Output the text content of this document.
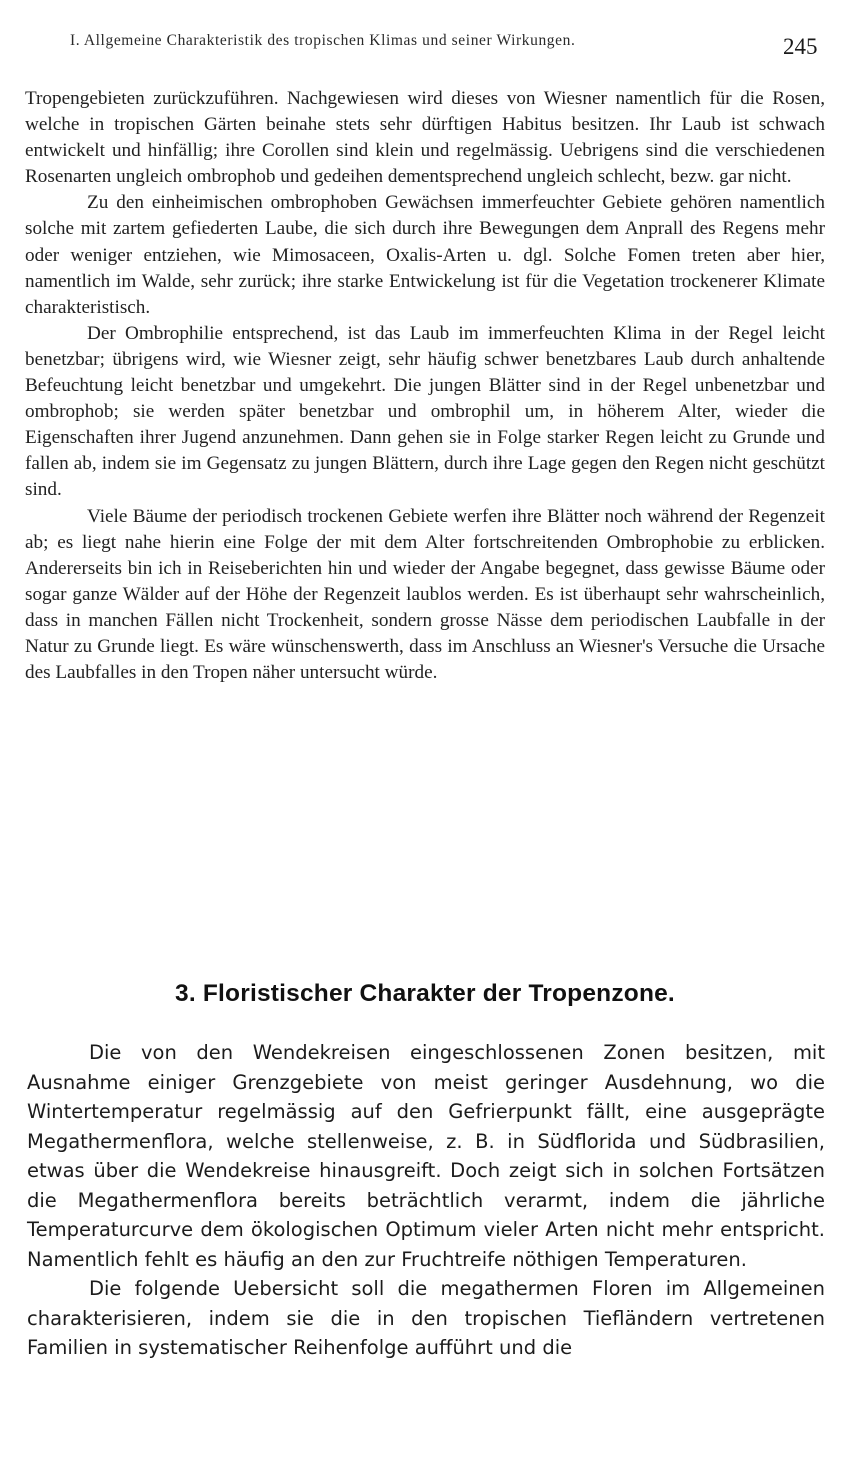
I. Allgemeine Charakteristik des tropischen Klimas und seiner Wirkungen.	245

Tropengebieten zurückzuführen. Nachgewiesen wird dieses von Wiesner namentlich für die Rosen, welche in tropischen Gärten beinahe stets sehr dürftigen Habitus besitzen. Ihr Laub ist schwach entwickelt und hinfällig; ihre Corollen sind klein und regelmässig. Uebrigens sind die verschiedenen Rosenarten ungleich ombrophob und gedeihen dementsprechend ungleich schlecht, bezw. gar nicht.

Zu den einheimischen ombrophoben Gewächsen immerfeuchter Gebiete gehören namentlich solche mit zartem gefiederten Laube, die sich durch ihre Bewegungen dem Anprall des Regens mehr oder weniger entziehen, wie Mimosaceen, Oxalis-Arten u. dgl. Solche Fomen treten aber hier, namentlich im Walde, sehr zurück; ihre starke Entwickelung ist für die Vegetation trockenerer Klimate charakteristisch.

Der Ombrophilie entsprechend, ist das Laub im immerfeuchten Klima in der Regel leicht benetzbar; übrigens wird, wie Wiesner zeigt, sehr häufig schwer benetzbares Laub durch anhaltende Befeuchtung leicht benetzbar und umgekehrt. Die jungen Blätter sind in der Regel unbenetzbar und ombrophob; sie werden später benetzbar und ombrophil um, in höherem Alter, wieder die Eigenschaften ihrer Jugend anzunehmen. Dann gehen sie in Folge starker Regen leicht zu Grunde und fallen ab, indem sie im Gegensatz zu jungen Blättern, durch ihre Lage gegen den Regen nicht geschützt sind.

Viele Bäume der periodisch trockenen Gebiete werfen ihre Blätter noch während der Regenzeit ab; es liegt nahe hierin eine Folge der mit dem Alter fortschreitenden Ombrophobie zu erblicken. Andererseits bin ich in Reiseberichten hin und wieder der Angabe begegnet, dass gewisse Bäume oder sogar ganze Wälder auf der Höhe der Regenzeit laublos werden. Es ist überhaupt sehr wahrscheinlich, dass in manchen Fällen nicht Trockenheit, sondern grosse Nässe dem periodischen Laubfalle in der Natur zu Grunde liegt. Es wäre wünschenswerth, dass im Anschluss an Wiesner's Versuche die Ursache des Laubfalles in den Tropen näher untersucht würde.

3. Floristischer Charakter der Tropenzone.

Die von den Wendekreisen eingeschlossenen Zonen besitzen, mit Ausnahme einiger Grenzgebiete von meist geringer Ausdehnung, wo die Wintertemperatur regelmässig auf den Gefrierpunkt fällt, eine ausgeprägte Megathermenflora, welche stellenweise, z. B. in Südflorida und Südbrasilien, etwas über die Wendekreise hinausgreift. Doch zeigt sich in solchen Fortsätzen die Megathermenflora bereits beträchtlich verarmt, indem die jährliche Temperaturcurve dem ökologischen Optimum vieler Arten nicht mehr entspricht. Namentlich fehlt es häufig an den zur Fruchtreife nöthigen Temperaturen.

Die folgende Uebersicht soll die megathermen Floren im Allgemeinen charakterisieren, indem sie die in den tropischen Tiefländern vertretenen Familien in systematischer Reihenfolge aufführt und die
